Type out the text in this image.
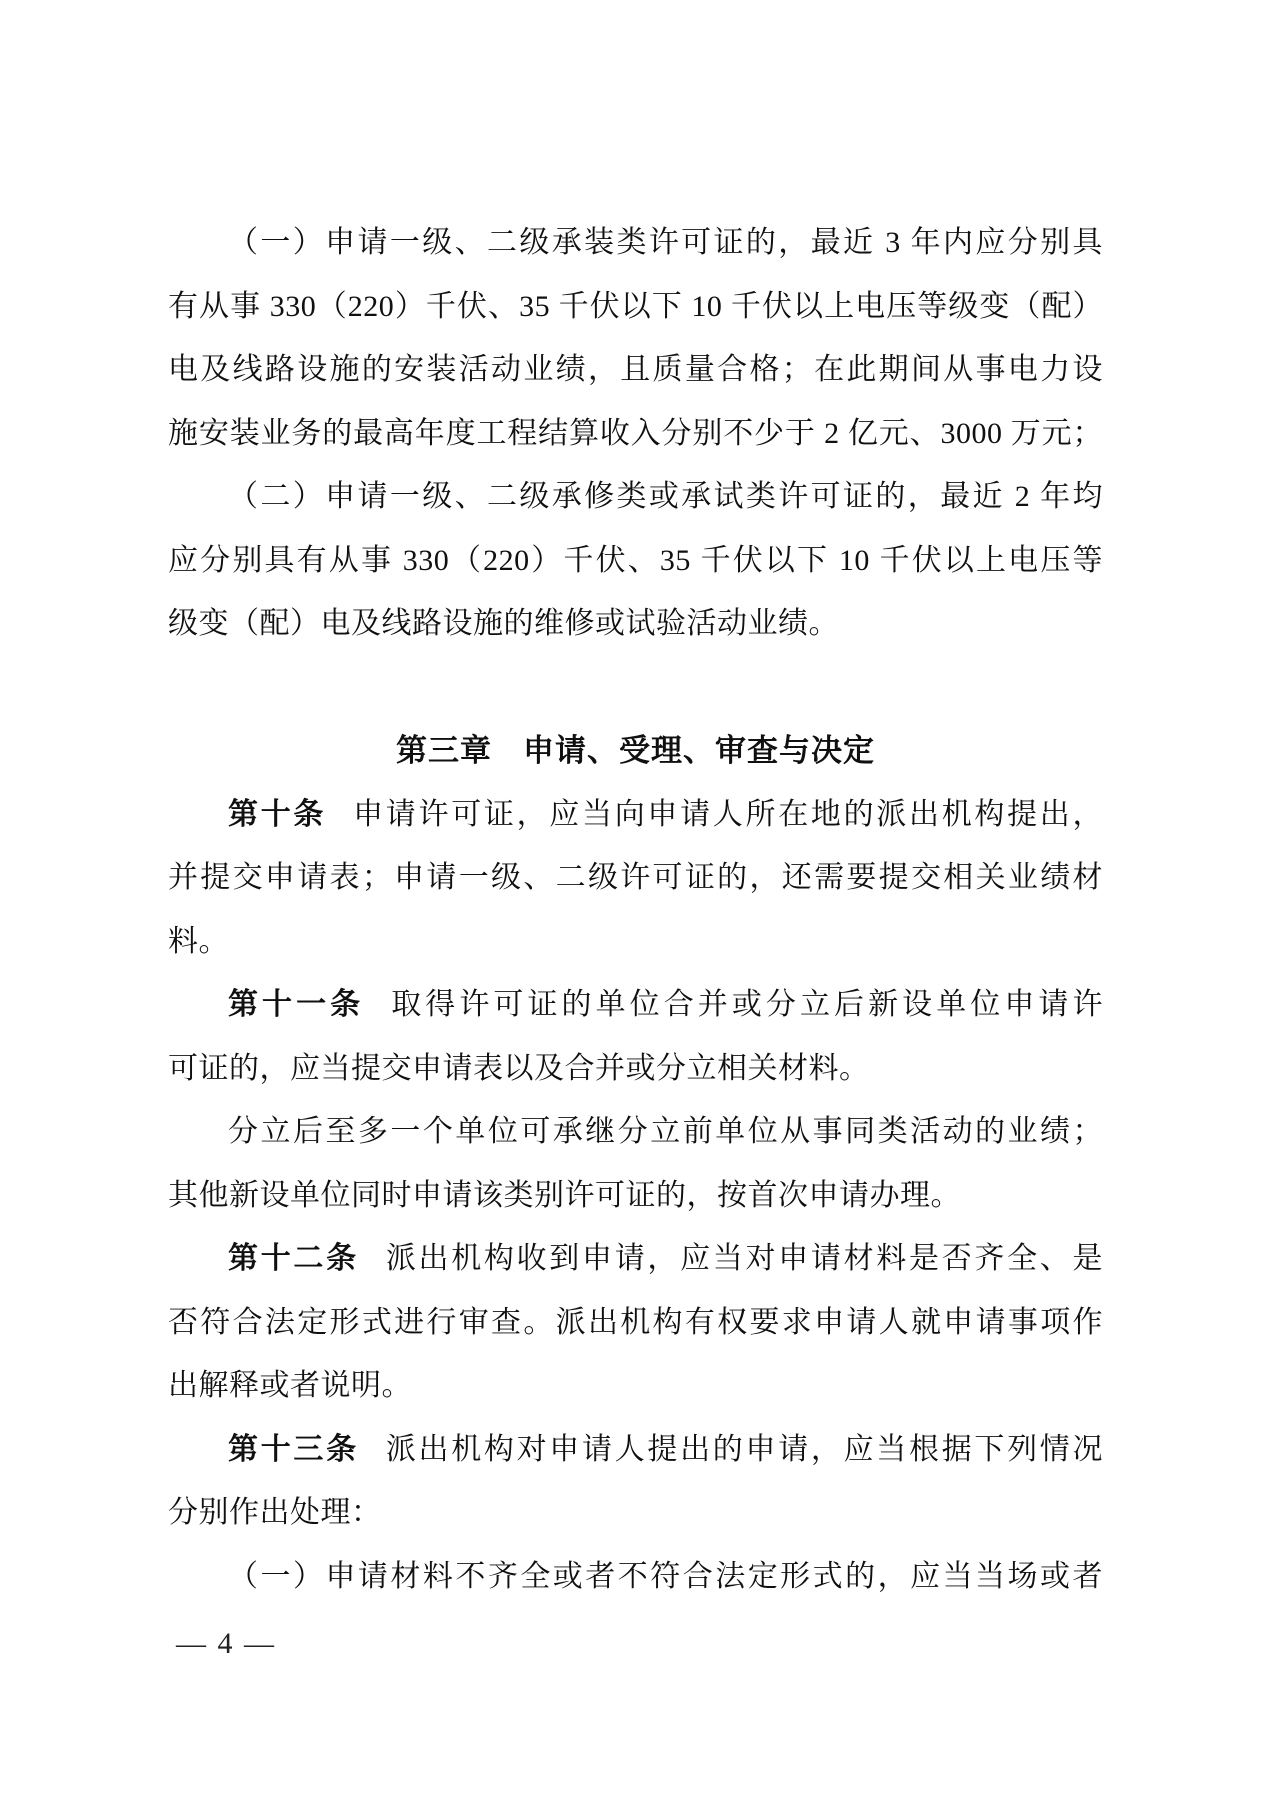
（一）申请一级、二级承装类许可证的，最近 3 年内应分别具
有从事 330（220）千伏、35 千伏以下 10 千伏以上电压等级变（配）
电及线路设施的安装活动业绩，且质量合格；在此期间从事电力设
施安装业务的最高年度工程结算收入分别不少于 2 亿元、3000 万元；
（二）申请一级、二级承修类或承试类许可证的，最近 2 年均
应分别具有从事 330（220）千伏、35 千伏以下 10 千伏以上电压等
级变（配）电及线路设施的维修或试验活动业绩。
第三章 申请、受理、审查与决定
第十条 申请许可证，应当向申请人所在地的派出机构提出，
并提交申请表；申请一级、二级许可证的，还需要提交相关业绩材
料。
第十一条 取得许可证的单位合并或分立后新设单位申请许
可证的，应当提交申请表以及合并或分立相关材料。
分立后至多一个单位可承继分立前单位从事同类活动的业绩；
其他新设单位同时申请该类别许可证的，按首次申请办理。
第十二条 派出机构收到申请，应当对申请材料是否齐全、是
否符合法定形式进行审查。派出机构有权要求申请人就申请事项作
出解释或者说明。
第十三条 派出机构对申请人提出的申请，应当根据下列情况
分别作出处理：
（一）申请材料不齐全或者不符合法定形式的，应当当场或者
— 4 —
